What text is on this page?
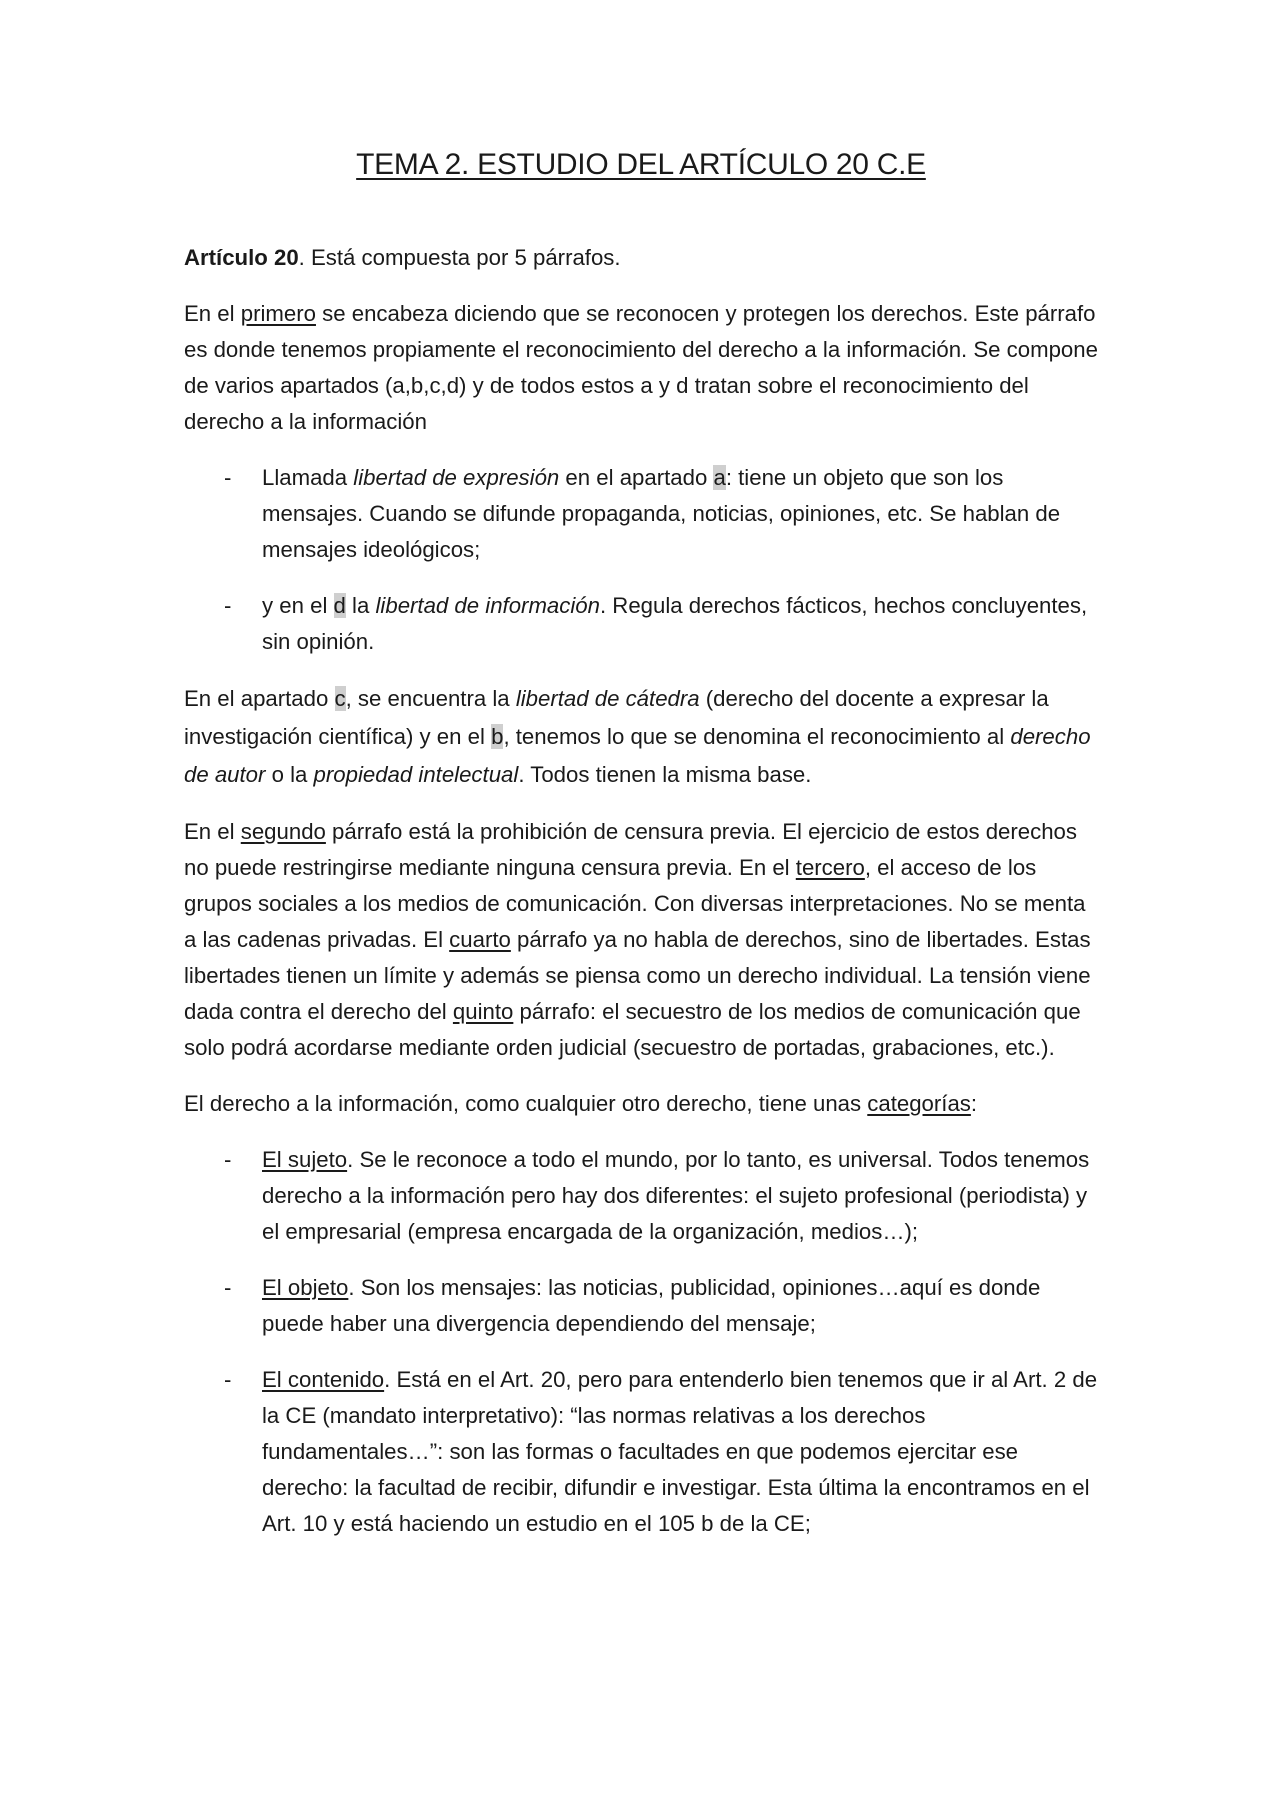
TEMA 2. ESTUDIO DEL ARTÍCULO 20 C.E

Artículo 20. Está compuesta por 5 párrafos.

En el primero se encabeza diciendo que se reconocen y protegen los derechos. Este párrafo es donde tenemos propiamente el reconocimiento del derecho a la información. Se compone de varios apartados (a,b,c,d) y de todos estos a y d tratan sobre el reconocimiento del derecho a la información

- Llamada libertad de expresión en el apartado a: tiene un objeto que son los mensajes. Cuando se difunde propaganda, noticias, opiniones, etc. Se hablan de mensajes ideológicos;
- y en el d la libertad de información. Regula derechos fácticos, hechos concluyentes, sin opinión.

En el apartado c, se encuentra la libertad de cátedra (derecho del docente a expresar la investigación científica) y en el b, tenemos lo que se denomina el reconocimiento al derecho de autor o la propiedad intelectual. Todos tienen la misma base.

En el segundo párrafo está la prohibición de censura previa. El ejercicio de estos derechos no puede restringirse mediante ninguna censura previa. En el tercero, el acceso de los grupos sociales a los medios de comunicación. Con diversas interpretaciones. No se menta a las cadenas privadas. El cuarto párrafo ya no habla de derechos, sino de libertades. Estas libertades tienen un límite y además se piensa como un derecho individual. La tensión viene dada contra el derecho del quinto párrafo: el secuestro de los medios de comunicación que solo podrá acordarse mediante orden judicial (secuestro de portadas, grabaciones, etc.).

El derecho a la información, como cualquier otro derecho, tiene unas categorías:

- El sujeto. Se le reconoce a todo el mundo, por lo tanto, es universal. Todos tenemos derecho a la información pero hay dos diferentes: el sujeto profesional (periodista) y el empresarial (empresa encargada de la organización, medios…);
- El objeto. Son los mensajes: las noticias, publicidad, opiniones…aquí es donde puede haber una divergencia dependiendo del mensaje;
- El contenido. Está en el Art. 20, pero para entenderlo bien tenemos que ir al Art. 2 de la CE (mandato interpretativo): “las normas relativas a los derechos fundamentales…”: son las formas o facultades en que podemos ejercitar ese derecho: la facultad de recibir, difundir e investigar. Esta última la encontramos en el Art. 10 y está haciendo un estudio en el 105 b de la CE;
